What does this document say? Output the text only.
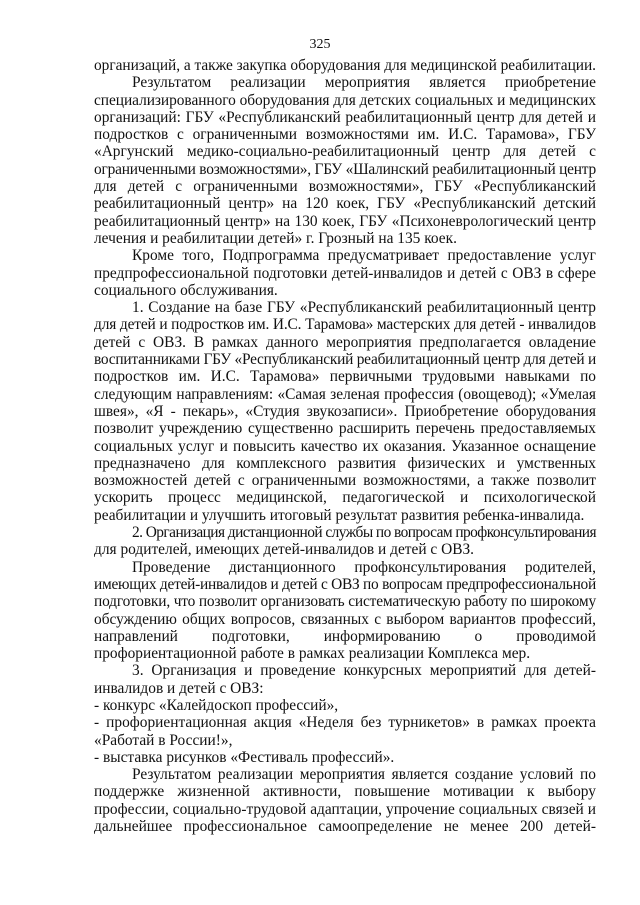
325
организаций, а также закупка оборудования для медицинской реабилитации.
Результатом реализации мероприятия является приобретение
специализированного оборудования для детских социальных и медицинских
организаций: ГБУ «Республиканский реабилитационный центр для детей и
подростков с ограниченными возможностями им. И.С. Тарамова», ГБУ
«Аргунский медико-социально-реабилитационный центр для детей с
ограниченными возможностями», ГБУ «Шалинский реабилитационный центр
для детей с ограниченными возможностями», ГБУ «Республиканский
реабилитационный центр» на 120 коек, ГБУ «Республиканский детский
реабилитационный центр» на 130 коек, ГБУ «Психоневрологический центр
лечения и реабилитации детей» г. Грозный на 135 коек.
Кроме того, Подпрограмма предусматривает предоставление услуг
предпрофессиональной подготовки детей-инвалидов и детей с ОВЗ в сфере
социального обслуживания.
1. Создание на базе ГБУ «Республиканский реабилитационный центр
для детей и подростков им. И.С. Тарамова» мастерских для детей - инвалидов
детей с ОВЗ. В рамках данного мероприятия предполагается овладение
воспитанниками ГБУ «Республиканский реабилитационный центр для детей и
подростков им. И.С. Тарамова» первичными трудовыми навыками по
следующим направлениям: «Самая зеленая профессия (овощевод); «Умелая
швея», «Я - пекарь», «Студия звукозаписи». Приобретение оборудования
позволит учреждению существенно расширить перечень предоставляемых
социальных услуг и повысить качество их оказания. Указанное оснащение
предназначено для комплексного развития физических и умственных
возможностей детей с ограниченными возможностями, а также позволит
ускорить процесс медицинской, педагогической и психологической
реабилитации и улучшить итоговый результат развития ребенка-инвалида.
2. Организация дистанционной службы по вопросам профконсультирования
для родителей, имеющих детей-инвалидов и детей с ОВЗ.
Проведение дистанционного профконсультирования родителей,
имеющих детей-инвалидов и детей с ОВЗ по вопросам предпрофессиональной
подготовки, что позволит организовать систематическую работу по широкому
обсуждению общих вопросов, связанных с выбором вариантов профессий,
направлений подготовки, информированию о проводимой
профориентационной работе в рамках реализации Комплекса мер.
3. Организация и проведение конкурсных мероприятий для детей-
инвалидов и детей с ОВЗ:
- конкурс «Калейдоскоп профессий»,
- профориентационная акция «Неделя без турникетов» в рамках проекта
«Работай в России!»,
- выставка рисунков «Фестиваль профессий».
Результатом реализации мероприятия является создание условий по
поддержке жизненной активности, повышение мотивации к выбору
профессии, социально-трудовой адаптации, упрочение социальных связей и
дальнейшее профессиональное самоопределение не менее 200 детей-
